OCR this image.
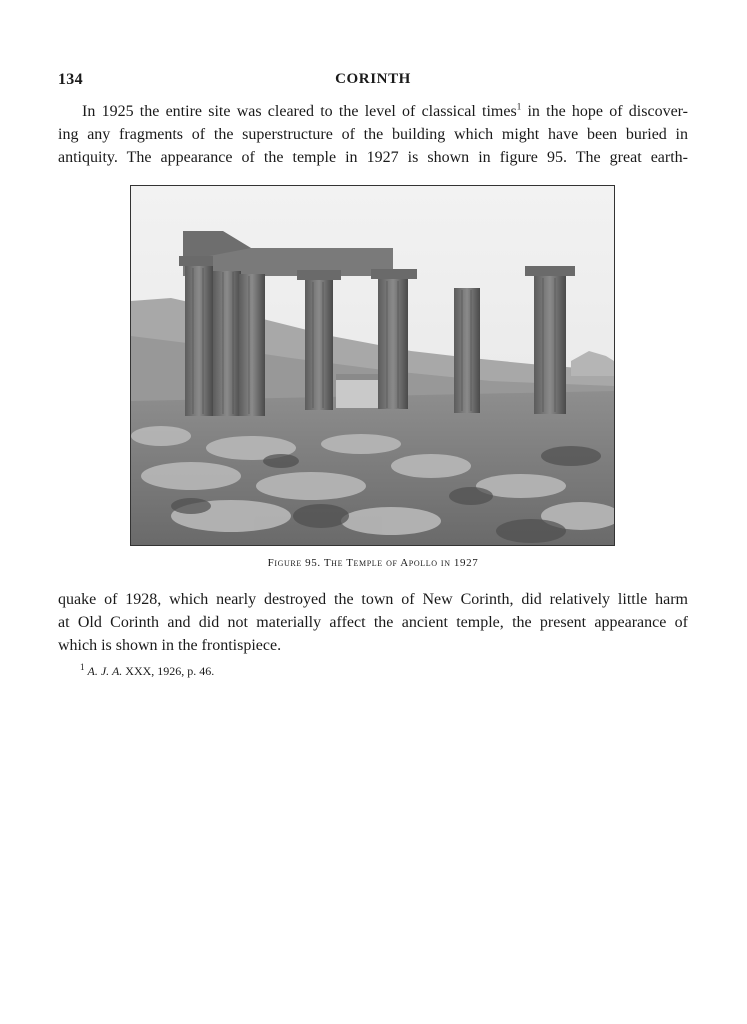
134	CORINTH
In 1925 the entire site was cleared to the level of classical times$^1$ in the hope of discover-
ing any fragments of the superstructure of the building which might have been buried in
antiquity. The appearance of the temple in 1927 is shown in figure 95. The great earth-
Figure 95. The Temple of Apollo in 1927
quake of 1928, which nearly destroyed the town of New Corinth, did relatively little harm
at Old Corinth and did not materially affect the ancient temple, the present appearance of
which is shown in the frontispiece.
$^1$ A. J. A. XXX, 1926, p. 46.
